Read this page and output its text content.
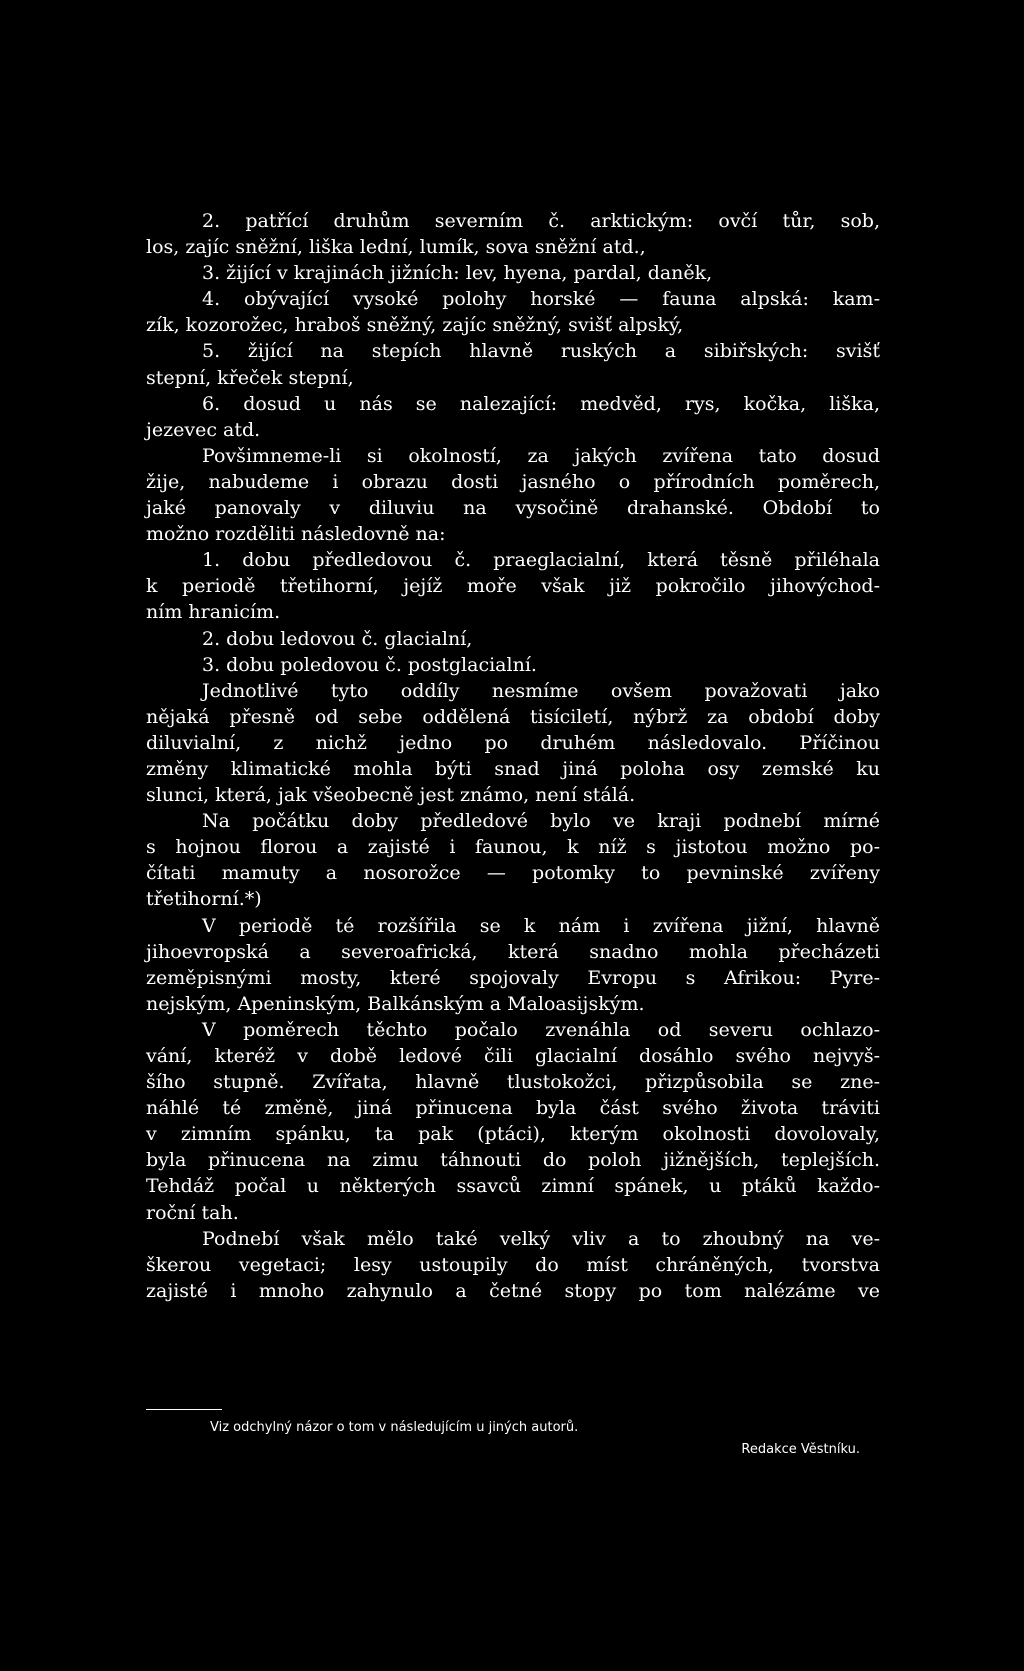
2. patřící druhům severním č. arktickým: ovčí tůr, sob,
los, zajíc sněžní, liška lední, lumík, sova sněžní atd.,
3. žijící v krajinách jižních: lev, hyena, pardal, daněk,
4. obývající vysoké polohy horské — fauna alpská: kam-
zík, kozorožec, hraboš sněžný, zajíc sněžný, svišť alpský,
5. žijící na stepích hlavně ruských a sibiřských: svišť
stepní, křeček stepní,
6. dosud u nás se nalezající: medvěd, rys, kočka, liška,
jezevec atd.
Povšimneme-li si okolností, za jakých zvířena tato dosud
žije, nabudeme i obrazu dosti jasného o přírodních poměrech,
jaké panovaly v diluviu na vysočině drahanské. Období to
možno rozděliti následovně na:
1. dobu předledovou č. praeglacialní, která těsně přiléhala
k periodě třetihorní, jejíž moře však již pokročilo jihovýchod-
ním hranicím.
2. dobu ledovou č. glacialní,
3. dobu poledovou č. postglacialní.
Jednotlivé tyto oddíly nesmíme ovšem považovati jako
nějaká přesně od sebe oddělená tisíciletí, nýbrž za období doby
diluvialní, z nichž jedno po druhém následovalo. Příčinou
změny klimatické mohla býti snad jiná poloha osy zemské ku
slunci, která, jak všeobecně jest známo, není stálá.
Na počátku doby předledové bylo ve kraji podnebí mírné
s hojnou florou a zajisté i faunou, k níž s jistotou možno po-
čítati mamuty a nosorožce — potomky to pevninské zvířeny
třetihorní.*)
V periodě té rozšířila se k nám i zvířena jižní, hlavně
jihoevropská a severoafrická, která snadno mohla přecházeti
zeměpisnými mosty, které spojovaly Evropu s Afrikou: Pyre-
nejským, Apeninským, Balkánským a Maloasijským.
V poměrech těchto počalo zvenáhla od severu ochlazo-
vání, kteréž v době ledové čili glacialní dosáhlo svého nejvyš-
šího stupně. Zvířata, hlavně tlustokožci, přizpůsobila se zne-
náhlé té změně, jiná přinucena byla část svého života tráviti
v zimním spánku, ta pak (ptáci), kterým okolnosti dovolovaly,
byla přinucena na zimu táhnouti do poloh jižnějších, teplejších.
Tehdáž počal u některých ssavců zimní spánek, u ptáků každo-
roční tah.
Podnebí však mělo také velký vliv a to zhoubný na ve-
škerou vegetaci; lesy ustoupily do míst chráněných, tvorstva
zajisté i mnoho zahynulo a četné stopy po tom nalézáme ve
Viz odchylný názor o tom v následujícím u jiných autorů.
Redakce Věstníku.
